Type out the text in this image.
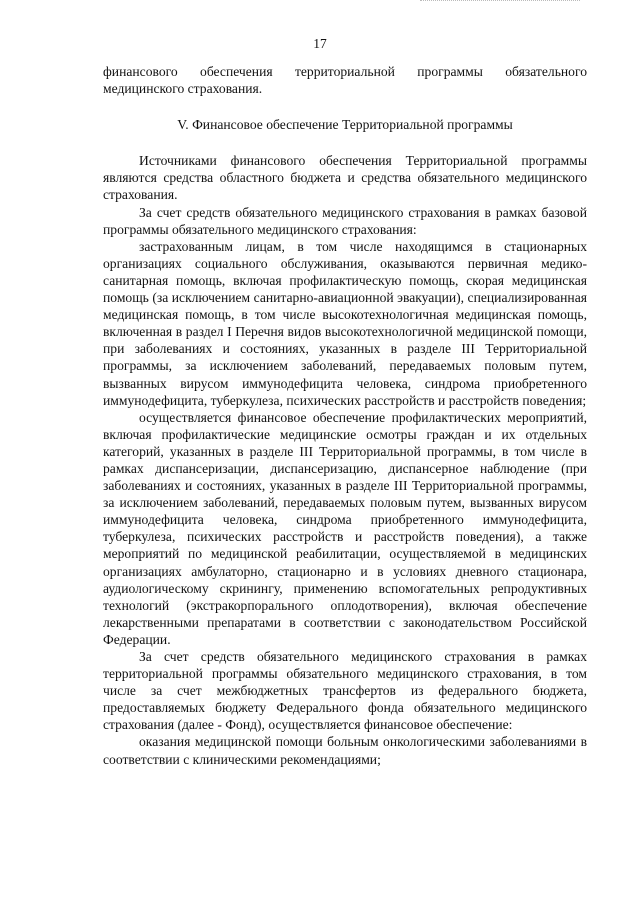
17

финансового обеспечения территориальной программы обязательного медицинского страхования.

V. Финансовое обеспечение Территориальной программы

Источниками финансового обеспечения Территориальной программы являются средства областного бюджета и средства обязательного медицинского страхования.

За счет средств обязательного медицинского страхования в рамках базовой программы обязательного медицинского страхования:

застрахованным лицам, в том числе находящимся в стационарных организациях социального обслуживания, оказываются первичная медико-санитарная помощь, включая профилактическую помощь, скорая медицинская помощь (за исключением санитарно-авиационной эвакуации), специализированная медицинская помощь, в том числе высокотехнологичная медицинская помощь, включенная в раздел I Перечня видов высокотехнологичной медицинской помощи, при заболеваниях и состояниях, указанных в разделе III Территориальной программы, за исключением заболеваний, передаваемых половым путем, вызванных вирусом иммунодефицита человека, синдрома приобретенного иммунодефицита, туберкулеза, психических расстройств и расстройств поведения;

осуществляется финансовое обеспечение профилактических мероприятий, включая профилактические медицинские осмотры граждан и их отдельных категорий, указанных в разделе III Территориальной программы, в том числе в рамках диспансеризации, диспансеризацию, диспансерное наблюдение (при заболеваниях и состояниях, указанных в разделе III Территориальной программы, за исключением заболеваний, передаваемых половым путем, вызванных вирусом иммунодефицита человека, синдрома приобретенного иммунодефицита, туберкулеза, психических расстройств и расстройств поведения), а также мероприятий по медицинской реабилитации, осуществляемой в медицинских организациях амбулаторно, стационарно и в условиях дневного стационара, аудиологическому скринингу, применению вспомогательных репродуктивных технологий (экстракорпорального оплодотворения), включая обеспечение лекарственными препаратами в соответствии с законодательством Российской Федерации.

За счет средств обязательного медицинского страхования в рамках территориальной программы обязательного медицинского страхования, в том числе за счет межбюджетных трансфертов из федерального бюджета, предоставляемых бюджету Федерального фонда обязательного медицинского страхования (далее - Фонд), осуществляется финансовое обеспечение:

оказания медицинской помощи больным онкологическими заболеваниями в соответствии с клиническими рекомендациями;
